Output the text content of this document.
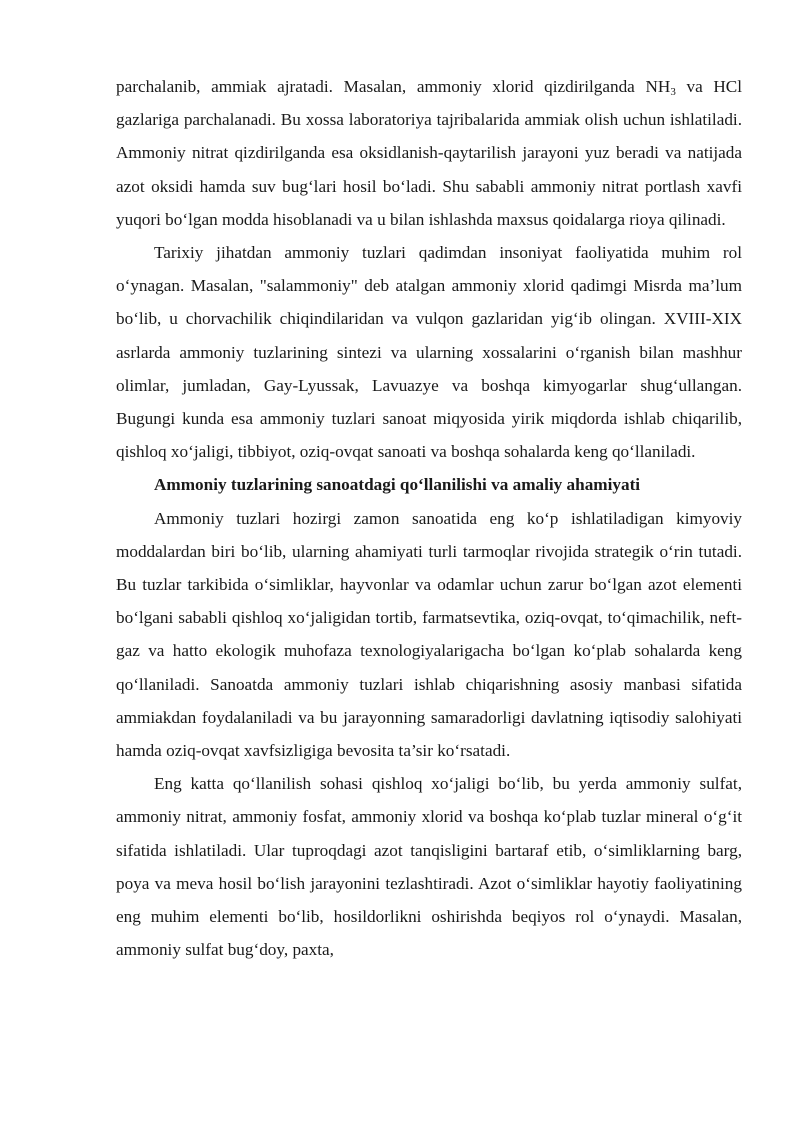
parchalanib, ammiak ajratadi. Masalan, ammoniy xlorid qizdirilganda $NH_3$ va HCl gazlariga parchalanadi. Bu xossa laboratoriya tajribalarida ammiak olish uchun ishlatiladi. Ammoniy nitrat qizdirilganda esa oksidlanish-qaytarilish jarayoni yuz beradi va natijada azot oksidi hamda suv bug‘lari hosil bo‘ladi. Shu sababli ammoniy nitrat portlash xavfi yuqori bo‘lgan modda hisoblanadi va u bilan ishlashda maxsus qoidalarga rioya qilinadi.

Tarixiy jihatdan ammoniy tuzlari qadimdan insoniyat faoliyatida muhim rol o‘ynagan. Masalan, "salammoniy" deb atalgan ammoniy xlorid qadimgi Misrda ma’lum bo‘lib, u chorvachilik chiqindilaridan va vulqon gazlaridan yig‘ib olingan. XVIII-XIX asrlarda ammoniy tuzlarining sintezi va ularning xossalarini o‘rganish bilan mashhur olimlar, jumladan, Gay-Lyussak, Lavuazye va boshqa kimyogarlar shug‘ullangan. Bugungi kunda esa ammoniy tuzlari sanoat miqyosida yirik miqdorda ishlab chiqarilib, qishloq xo‘jaligi, tibbiyot, oziq-ovqat sanoati va boshqa sohalarda keng qo‘llaniladi.

Ammoniy tuzlarining sanoatdagi qo‘llanilishi va amaliy ahamiyati

Ammoniy tuzlari hozirgi zamon sanoatida eng ko‘p ishlatiladigan kimyoviy moddalardan biri bo‘lib, ularning ahamiyati turli tarmoqlar rivojida strategik o‘rin tutadi. Bu tuzlar tarkibida o‘simliklar, hayvonlar va odamlar uchun zarur bo‘lgan azot elementi bo‘lgani sababli qishloq xo‘jaligidan tortib, farmatsevtika, oziq-ovqat, to‘qimachilik, neft-gaz va hatto ekologik muhofaza texnologiyalarigacha bo‘lgan ko‘plab sohalarda keng qo‘llaniladi. Sanoatda ammoniy tuzlari ishlab chiqarishning asosiy manbasi sifatida ammiakdan foydalaniladi va bu jarayonning samaradorligi davlatning iqtisodiy salohiyati hamda oziq-ovqat xavfsizligiga bevosita ta’sir ko‘rsatadi.

Eng katta qo‘llanilish sohasi qishloq xo‘jaligi bo‘lib, bu yerda ammoniy sulfat, ammoniy nitrat, ammoniy fosfat, ammoniy xlorid va boshqa ko‘plab tuzlar mineral o‘g‘it sifatida ishlatiladi. Ular tuproqdagi azot tanqisligini bartaraf etib, o‘simliklarning barg, poya va meva hosil bo‘lish jarayonini tezlashtiradi. Azot o‘simliklar hayotiy faoliyatining eng muhim elementi bo‘lib, hosildorlikni oshirishda beqiyos rol o‘ynaydi. Masalan, ammoniy sulfat bug‘doy, paxta,
